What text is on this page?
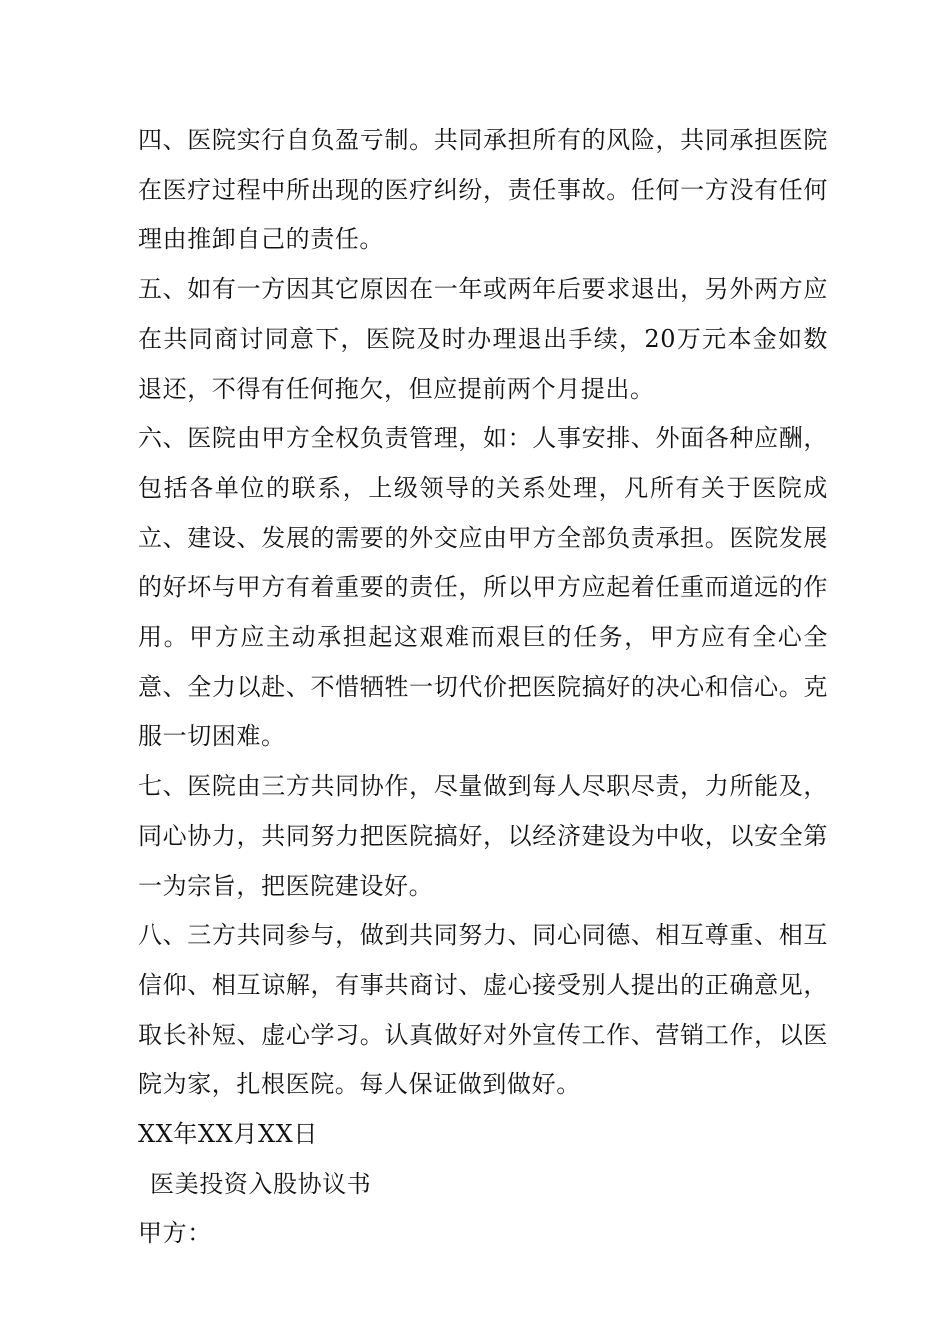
四、医院实行自负盈亏制。共同承担所有的风险，共同承担医院在医疗过程中所出现的医疗纠纷，责任事故。任何一方没有任何理由推卸自己的责任。

五、如有一方因其它原因在一年或两年后要求退出，另外两方应在共同商讨同意下，医院及时办理退出手续，20万元本金如数退还，不得有任何拖欠，但应提前两个月提出。

六、医院由甲方全权负责管理，如：人事安排、外面各种应酬，包括各单位的联系，上级领导的关系处理，凡所有关于医院成立、建设、发展的需要的外交应由甲方全部负责承担。医院发展的好坏与甲方有着重要的责任，所以甲方应起着任重而道远的作用。甲方应主动承担起这艰难而艰巨的任务，甲方应有全心全意、全力以赴、不惜牺牲一切代价把医院搞好的决心和信心。克服一切困难。

七、医院由三方共同协作，尽量做到每人尽职尽责，力所能及，同心协力，共同努力把医院搞好，以经济建设为中收，以安全第一为宗旨，把医院建设好。

八、三方共同参与，做到共同努力、同心同德、相互尊重、相互信仰、相互谅解，有事共商讨、虚心接受别人提出的正确意见，取长补短、虚心学习。认真做好对外宣传工作、营销工作，以医院为家，扎根医院。每人保证做到做好。

XX年XX月XX日

医美投资入股协议书

甲方：
